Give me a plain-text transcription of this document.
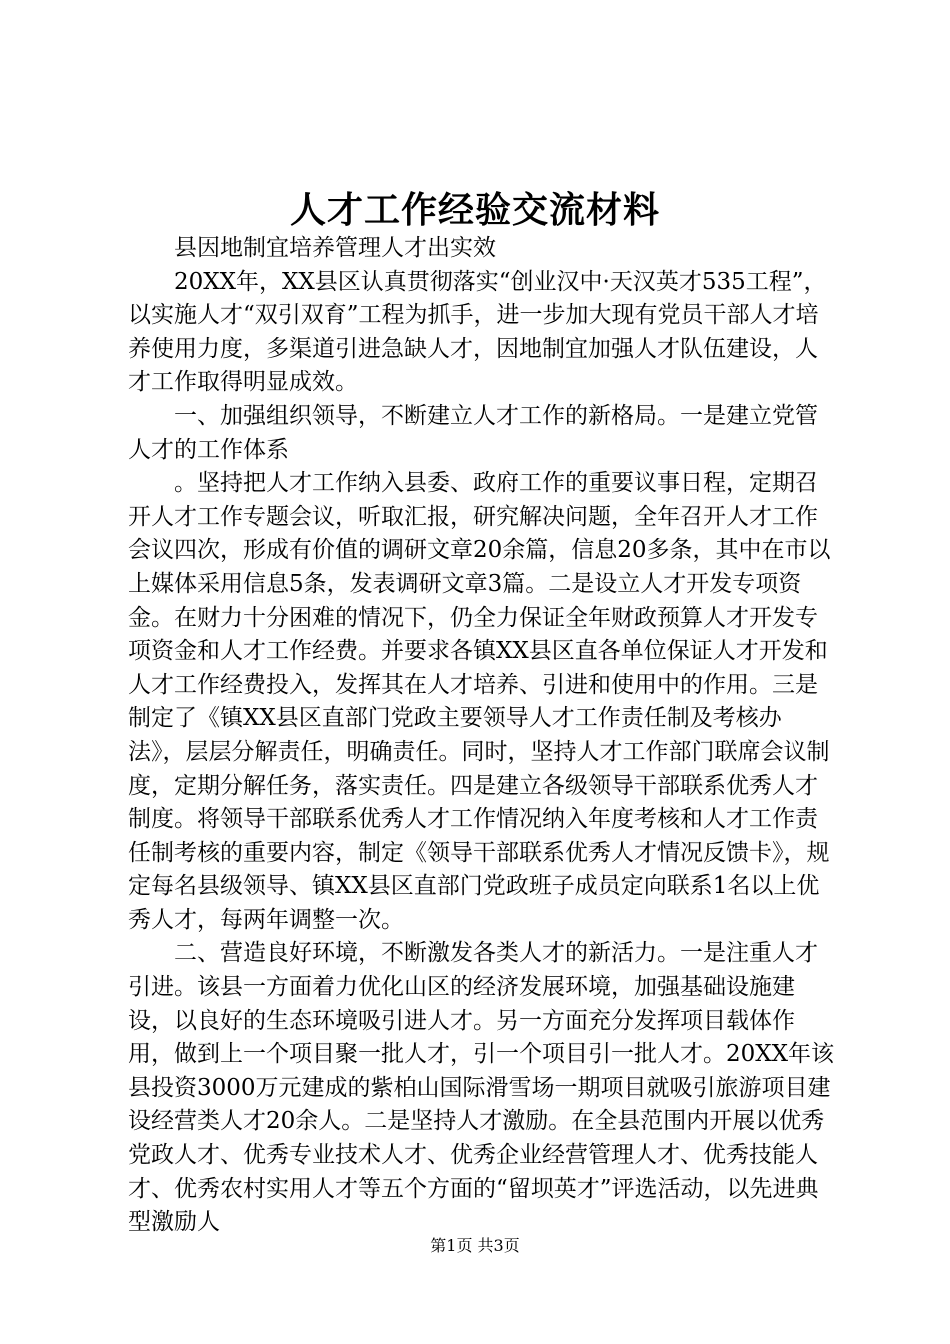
人才工作经验交流材料

县因地制宜培养管理人才出实效

20XX年，XX县区认真贯彻落实“创业汉中·天汉英才535工程”，以实施人才“双引双育”工程为抓手，进一步加大现有党员干部人才培养使用力度，多渠道引进急缺人才，因地制宜加强人才队伍建设，人才工作取得明显成效。

一、加强组织领导，不断建立人才工作的新格局。一是建立党管人才的工作体系

。坚持把人才工作纳入县委、政府工作的重要议事日程，定期召开人才工作专题会议，听取汇报，研究解决问题，全年召开人才工作会议四次，形成有价值的调研文章20余篇，信息20多条，其中在市以上媒体采用信息5条，发表调研文章3篇。二是设立人才开发专项资金。在财力十分困难的情况下，仍全力保证全年财政预算人才开发专项资金和人才工作经费。并要求各镇XX县区直各单位保证人才开发和人才工作经费投入，发挥其在人才培养、引进和使用中的作用。三是制定了《镇XX县区直部门党政主要领导人才工作责任制及考核办法》，层层分解责任，明确责任。同时，坚持人才工作部门联席会议制度，定期分解任务，落实责任。四是建立各级领导干部联系优秀人才制度。将领导干部联系优秀人才工作情况纳入年度考核和人才工作责任制考核的重要内容，制定《领导干部联系优秀人才情况反馈卡》，规定每名县级领导、镇XX县区直部门党政班子成员定向联系1名以上优秀人才，每两年调整一次。

二、营造良好环境，不断激发各类人才的新活力。一是注重人才引进。该县一方面着力优化山区的经济发展环境，加强基础设施建设，以良好的生态环境吸引进人才。另一方面充分发挥项目载体作用，做到上一个项目聚一批人才，引一个项目引一批人才。20XX年该县投资3000万元建成的紫柏山国际滑雪场一期项目就吸引旅游项目建设经营类人才20余人。二是坚持人才激励。在全县范围内开展以优秀党政人才、优秀专业技术人才、优秀企业经营管理人才、优秀技能人才、优秀农村实用人才等五个方面的“留坝英才”评选活动，以先进典型激励人

第1页 共3页
